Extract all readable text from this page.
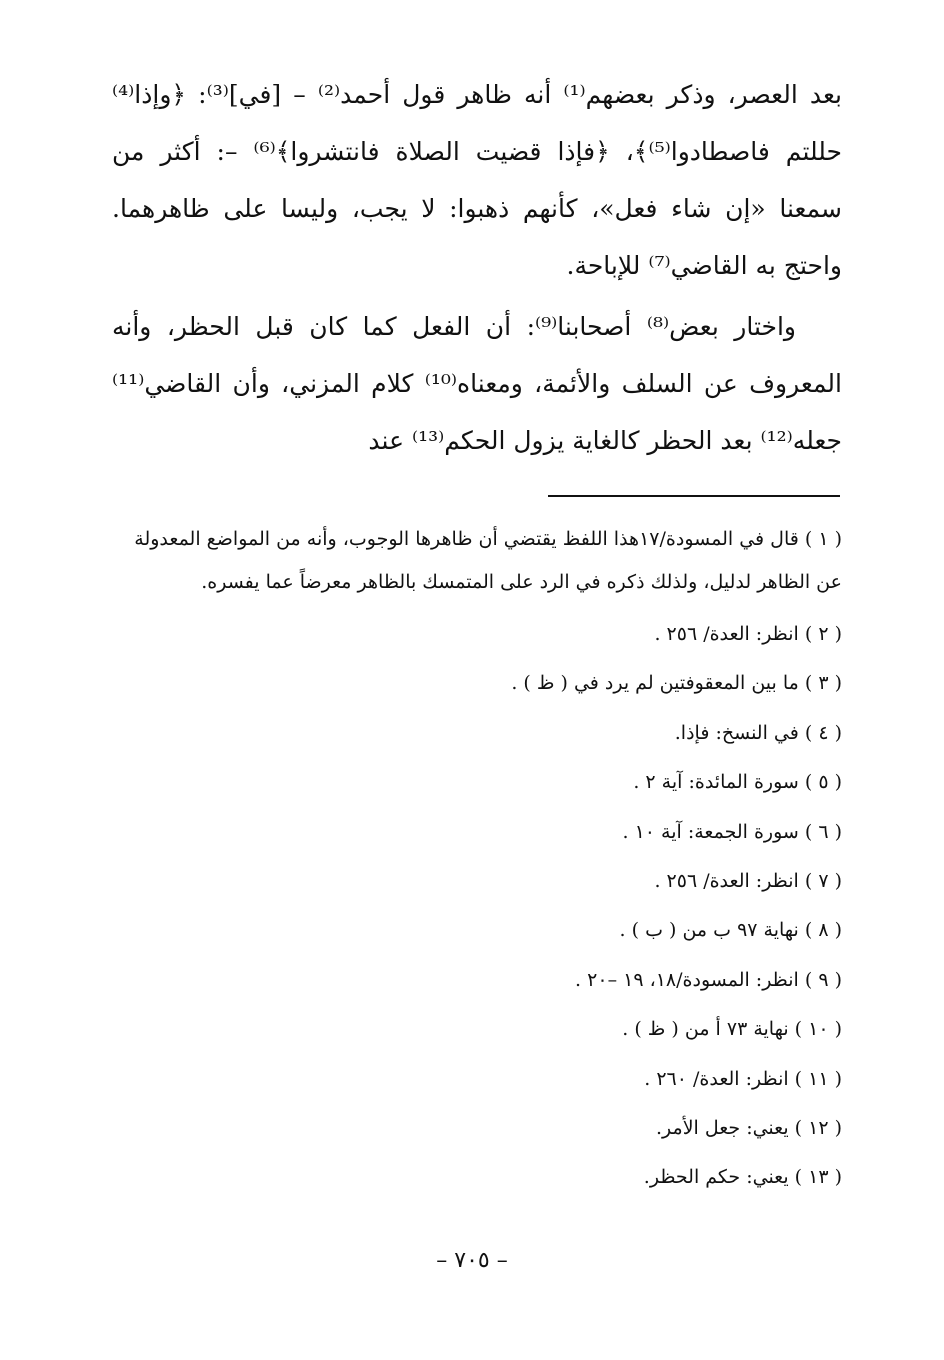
بعد العصر، وذكر بعضهم⁽¹⁾ أنه ظاهر قول أحمد⁽²⁾ – [في]⁽³⁾: ﴿وإذا⁽⁴⁾ حللتم فاصطادوا⁽⁵⁾﴾، ﴿فإذا قضيت الصلاة فانتشروا﴾⁽⁶⁾ –: أكثر من سمعنا «إن شاء فعل»، كأنهم ذهبوا: لا يجب، وليسا على ظاهرهما. واحتج به القاضي⁽⁷⁾ للإباحة.

واختار بعض⁽⁸⁾ أصحابنا⁽⁹⁾: أن الفعل كما كان قبل الحظر، وأنه المعروف عن السلف والأئمة، ومعناه⁽¹⁰⁾ كلام المزني، وأن القاضي⁽¹¹⁾ جعله⁽¹²⁾ بعد الحظر كالغاية يزول الحكم⁽¹³⁾ عند

( ١ ) قال في المسودة/١٧هذا اللفظ يقتضي أن ظاهرها الوجوب، وأنه من المواضع المعدولة عن الظاهر لدليل، ولذلك ذكره في الرد على المتمسك بالظاهر معرضاً عما يفسره.

( ٢ ) انظر: العدة/ ٢٥٦ .

( ٣ ) ما بين المعقوفتين لم يرد في ( ظ ) .

( ٤ ) في النسخ: فإذا.

( ٥ ) سورة المائدة: آية ٢ .

( ٦ ) سورة الجمعة: آية ١٠ .

( ٧ ) انظر: العدة/ ٢٥٦ .

( ٨ ) نهاية ٩٧ ب من ( ب ) .

( ٩ ) انظر: المسودة/١٨، ١٩ –٢٠ .

( ١٠ ) نهاية ٧٣ أ من ( ظ ) .

( ١١ ) انظر: العدة/ ٢٦٠ .

( ١٢ ) يعني: جعل الأمر.

( ١٣ ) يعني: حكم الحظر.

– ٧٠٥ –
